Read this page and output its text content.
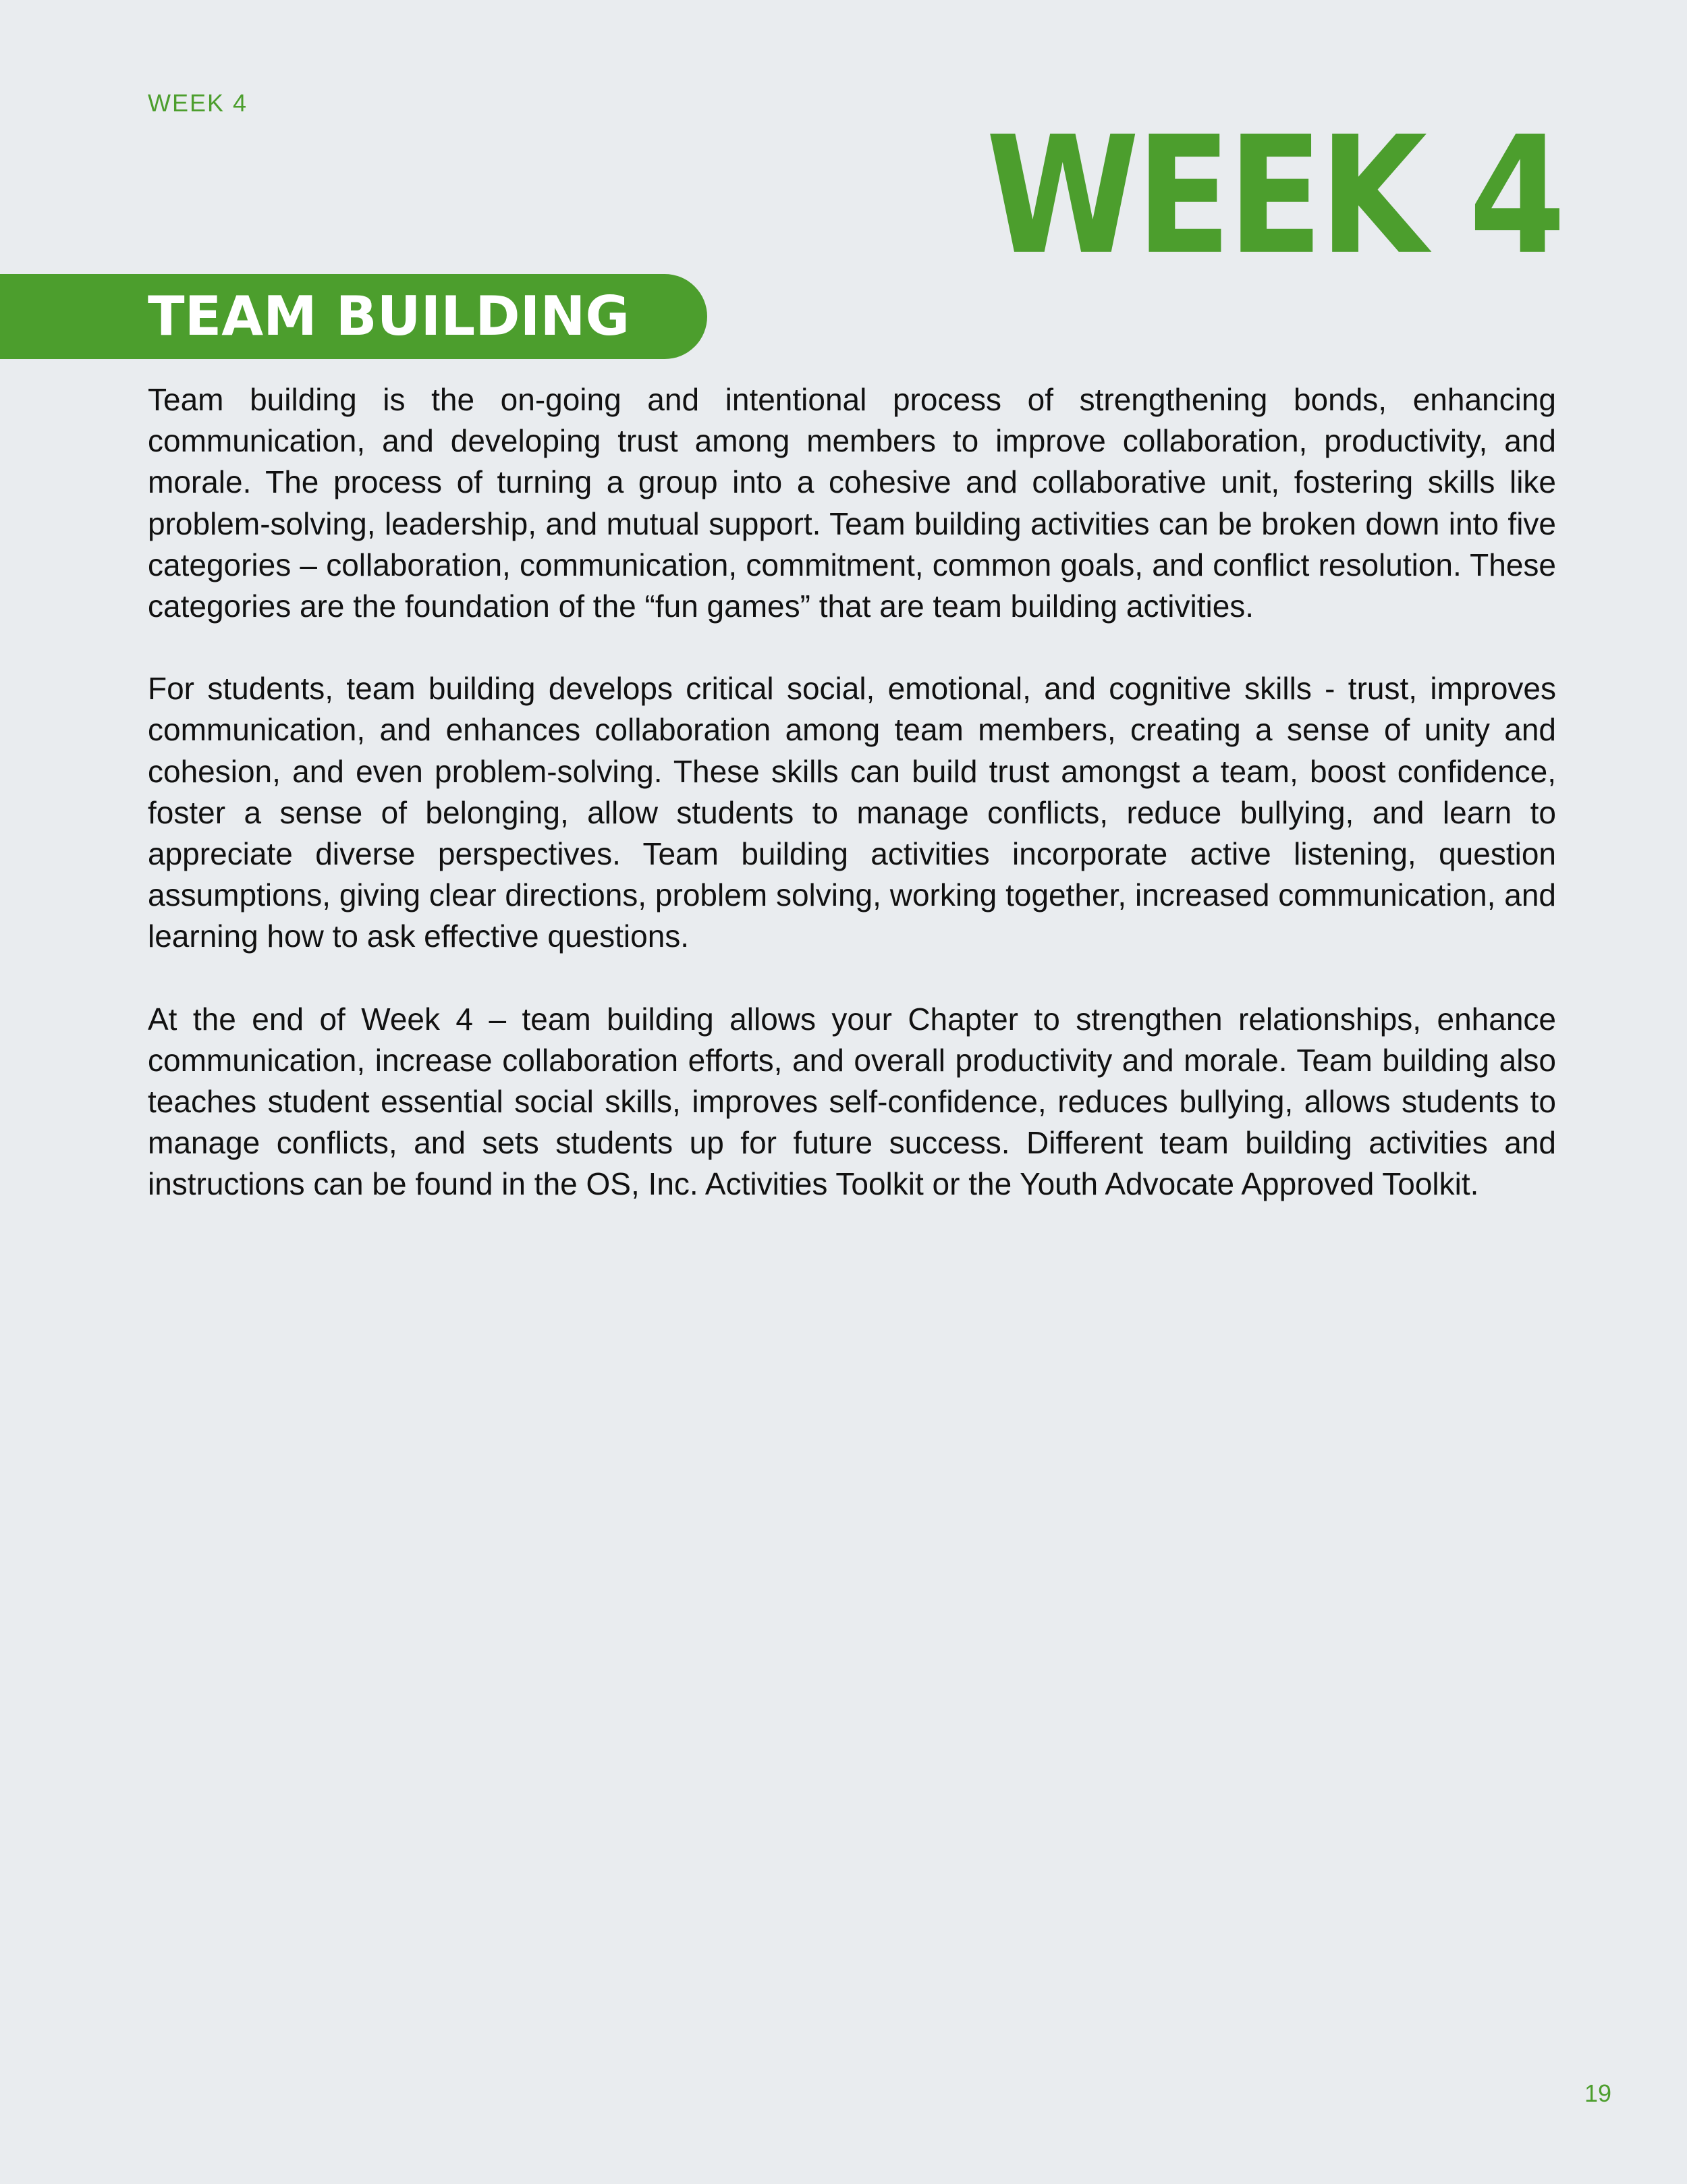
WEEK 4	WEEK 4
TEAM BUILDING

Team building is the on-going and intentional process of strengthening bonds, enhancing communication, and developing trust among members to improve collaboration, productivity, and morale. The process of turning a group into a cohesive and collaborative unit, fostering skills like problem-solving, leadership, and mutual support. Team building activities can be broken down into five categories – collaboration, communication, commitment, common goals, and conflict resolution. These categories are the foundation of the “fun games” that are team building activities.

For students, team building develops critical social, emotional, and cognitive skills - trust, improves communication, and enhances collaboration among team members, creating a sense of unity and cohesion, and even problem-solving. These skills can build trust amongst a team, boost confidence, foster a sense of belonging, allow students to manage conflicts, reduce bullying, and learn to appreciate diverse perspectives. Team building activities incorporate active listening, question assumptions, giving clear directions, problem solving, working together, increased communication, and learning how to ask effective questions.

At the end of Week 4 – team building allows your Chapter to strengthen relationships, enhance communication, increase collaboration efforts, and overall productivity and morale. Team building also teaches student essential social skills, improves self-confidence, reduces bullying, allows students to manage conflicts, and sets students up for future success. Different team building activities and instructions can be found in the OS, Inc. Activities Toolkit or the Youth Advocate Approved Toolkit.

19
